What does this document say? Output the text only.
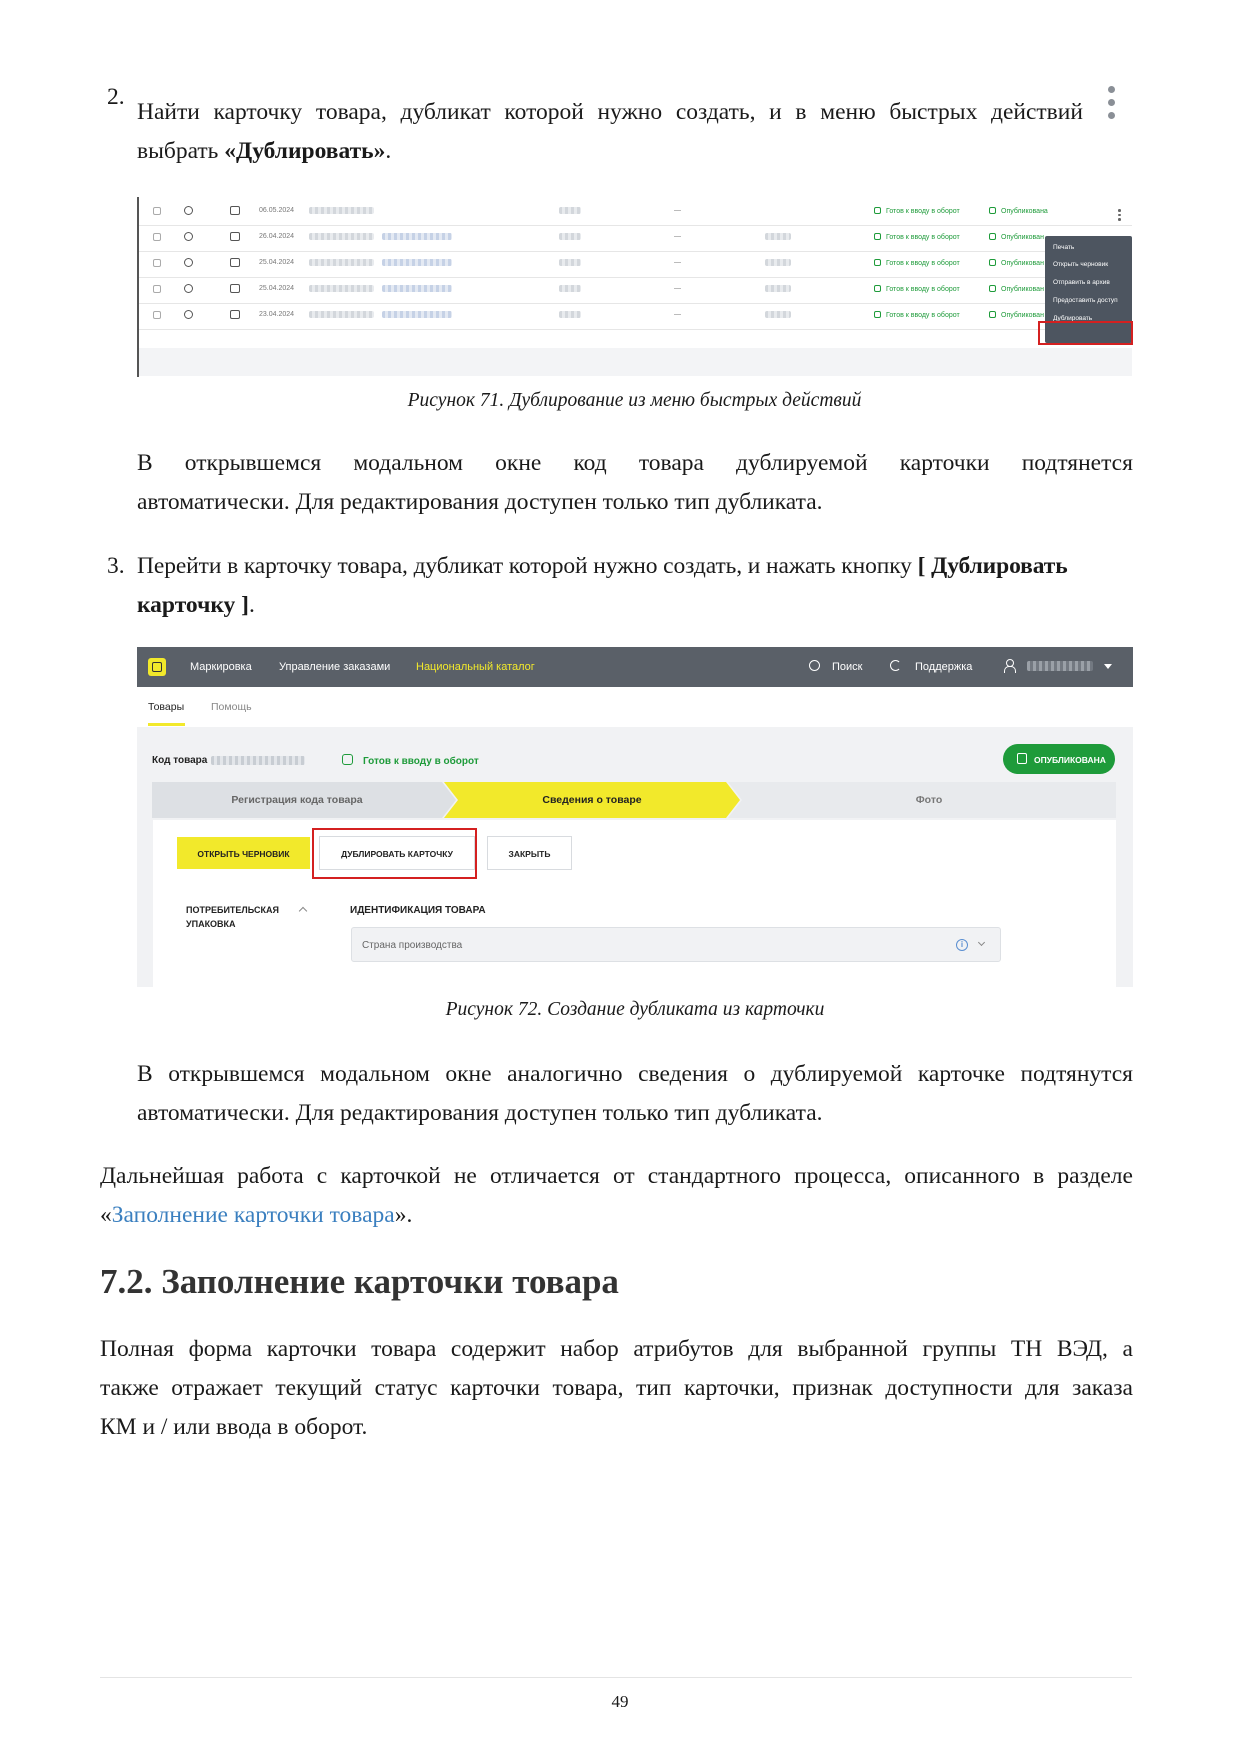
2.
Найти карточку товара, дубликат которой нужно создать, и в меню быстрых действий
выбрать «Дублировать».
06.05.2024	—	Готов к вводу в оборот	Опубликована
26.04.2024	—	Готов к вводу в оборот	Опубликован
25.04.2024	—	Готов к вводу в оборот	Опубликован
25.04.2024	—	Готов к вводу в оборот	Опубликован
23.04.2024	—	Готов к вводу в оборот	Опубликован
Печать
Открыть черновик
Отправить в архив
Предоставить доступ
Дублировать
Рисунок 71. Дублирование из меню быстрых действий
В открывшемся модальном окне код товара дублируемой карточки подтянется
автоматически. Для редактирования доступен только тип дубликата.
3. Перейти в карточку товара, дубликат которой нужно создать, и нажать кнопку [ Дублировать
карточку ].
Маркировка Управление заказами Национальный каталог	Поиск	Поддержка
Товары	Помощь
Код товара	Готов к вводу в оборот	ОПУБЛИКОВАНА
Регистрация кода товара	Сведения о товаре	Фото
ОТКРЫТЬ ЧЕРНОВИК	ДУБЛИРОВАТЬ КАРТОЧКУ	ЗАКРЫТЬ
ПОТРЕБИТЕЛЬСКАЯ
УПАКОВКА
ИДЕНТИФИКАЦИЯ ТОВАРА
Страна производства	i
Рисунок 72. Создание дубликата из карточки
В открывшемся модальном окне аналогично сведения о дублируемой карточке подтянутся
автоматически. Для редактирования доступен только тип дубликата.
Дальнейшая работа с карточкой не отличается от стандартного процесса, описанного в разделе
«Заполнение карточки товара».
7.2. Заполнение карточки товара
Полная форма карточки товара содержит набор атрибутов для выбранной группы ТН ВЭД, а
также отражает текущий статус карточки товара, тип карточки, признак доступности для заказа
КМ и / или ввода в оборот.
49
